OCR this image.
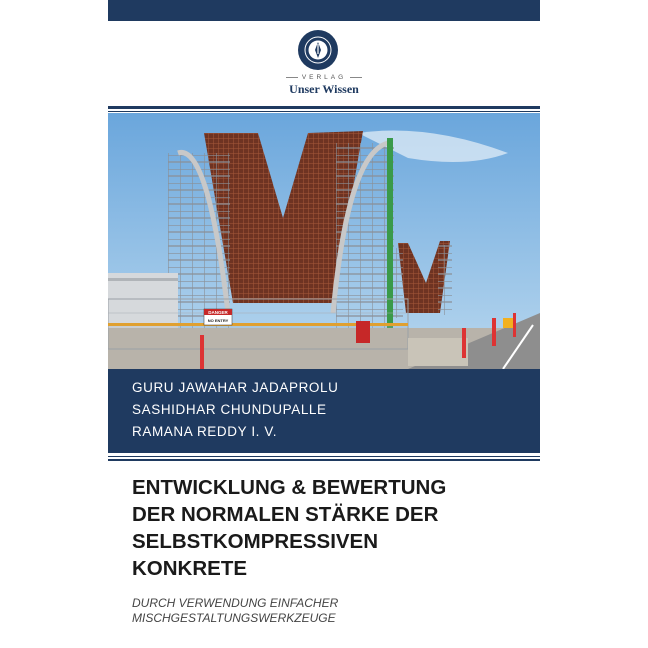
VERLAG
Unser Wissen
DANGER
NO ENTRY
GURU JAWAHAR JADAPROLU
SASHIDHAR CHUNDUPALLE
RAMANA REDDY I. V.
ENTWICKLUNG & BEWERTUNG
DER NORMALEN STÄRKE DER
SELBSTKOMPRESSIVEN
KONKRETE
DURCH VERWENDUNG EINFACHER
MISCHGESTALTUNGSWERKZEUGE
